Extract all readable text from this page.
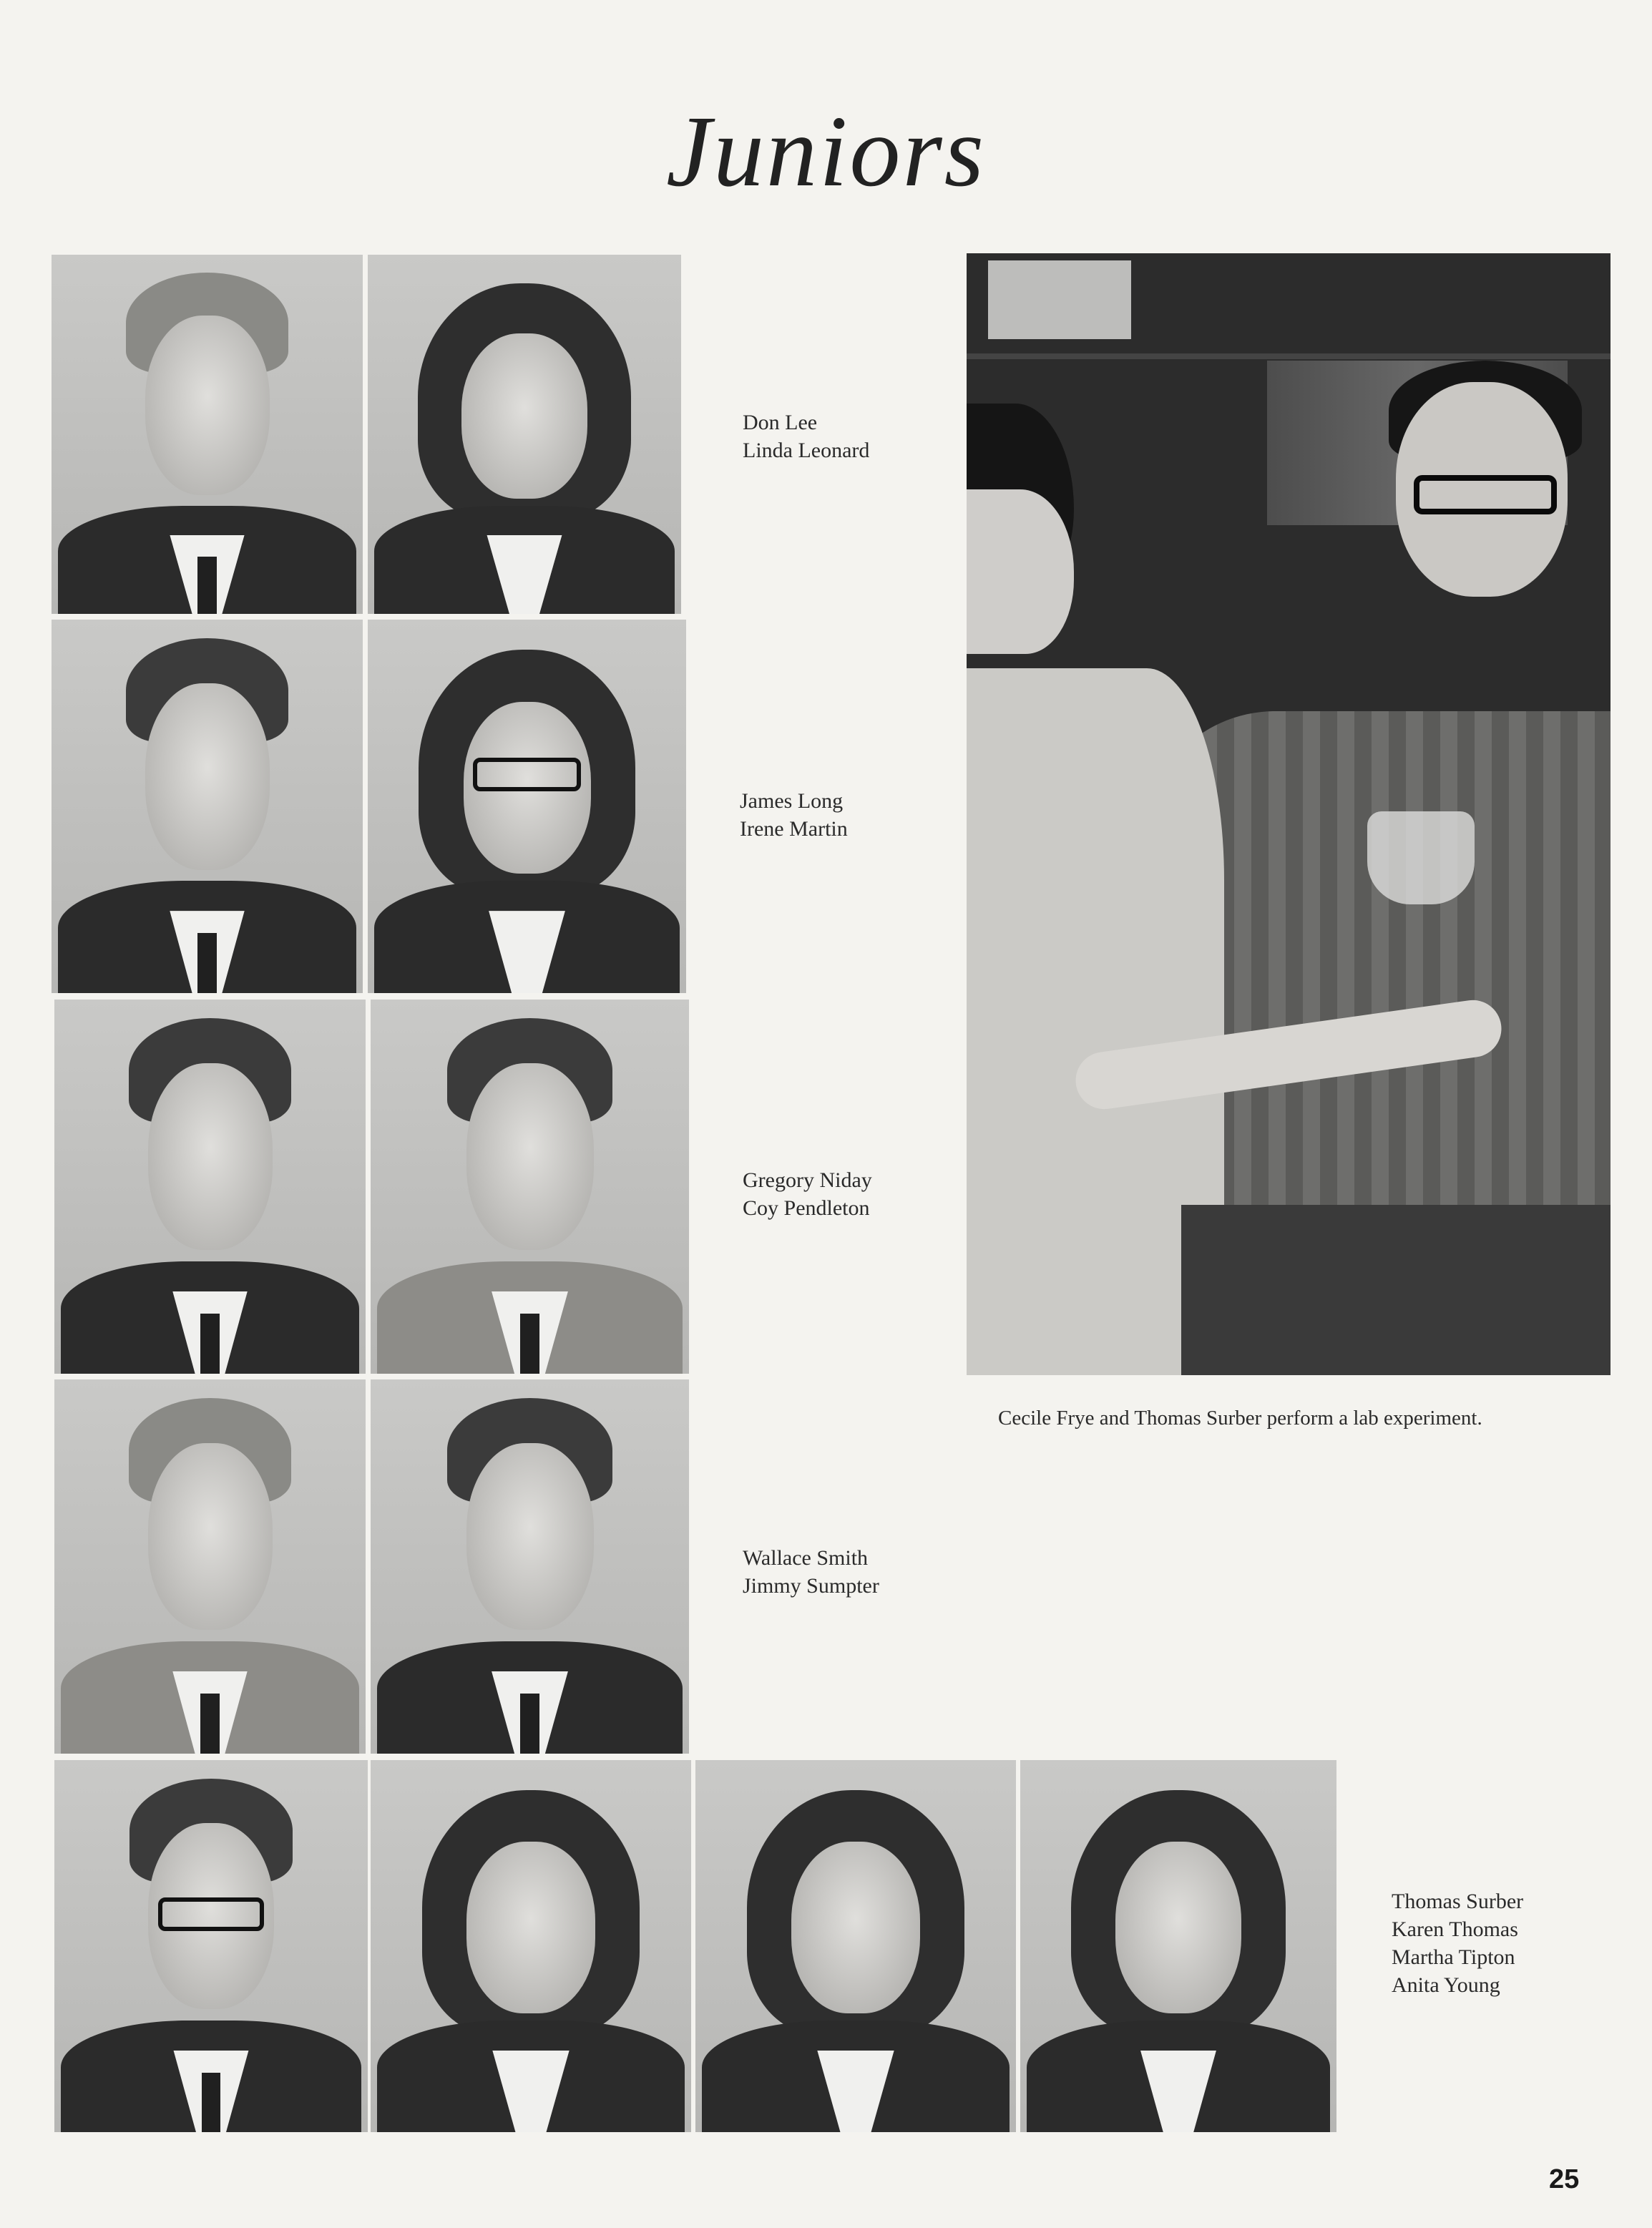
Juniors
Don Lee
Linda Leonard
James Long
Irene Martin
Gregory Niday
Coy Pendleton
Wallace Smith
Jimmy Sumpter
Thomas Surber
Karen Thomas
Martha Tipton
Anita Young
Cecile Frye and Thomas Surber perform a lab experiment.
25
